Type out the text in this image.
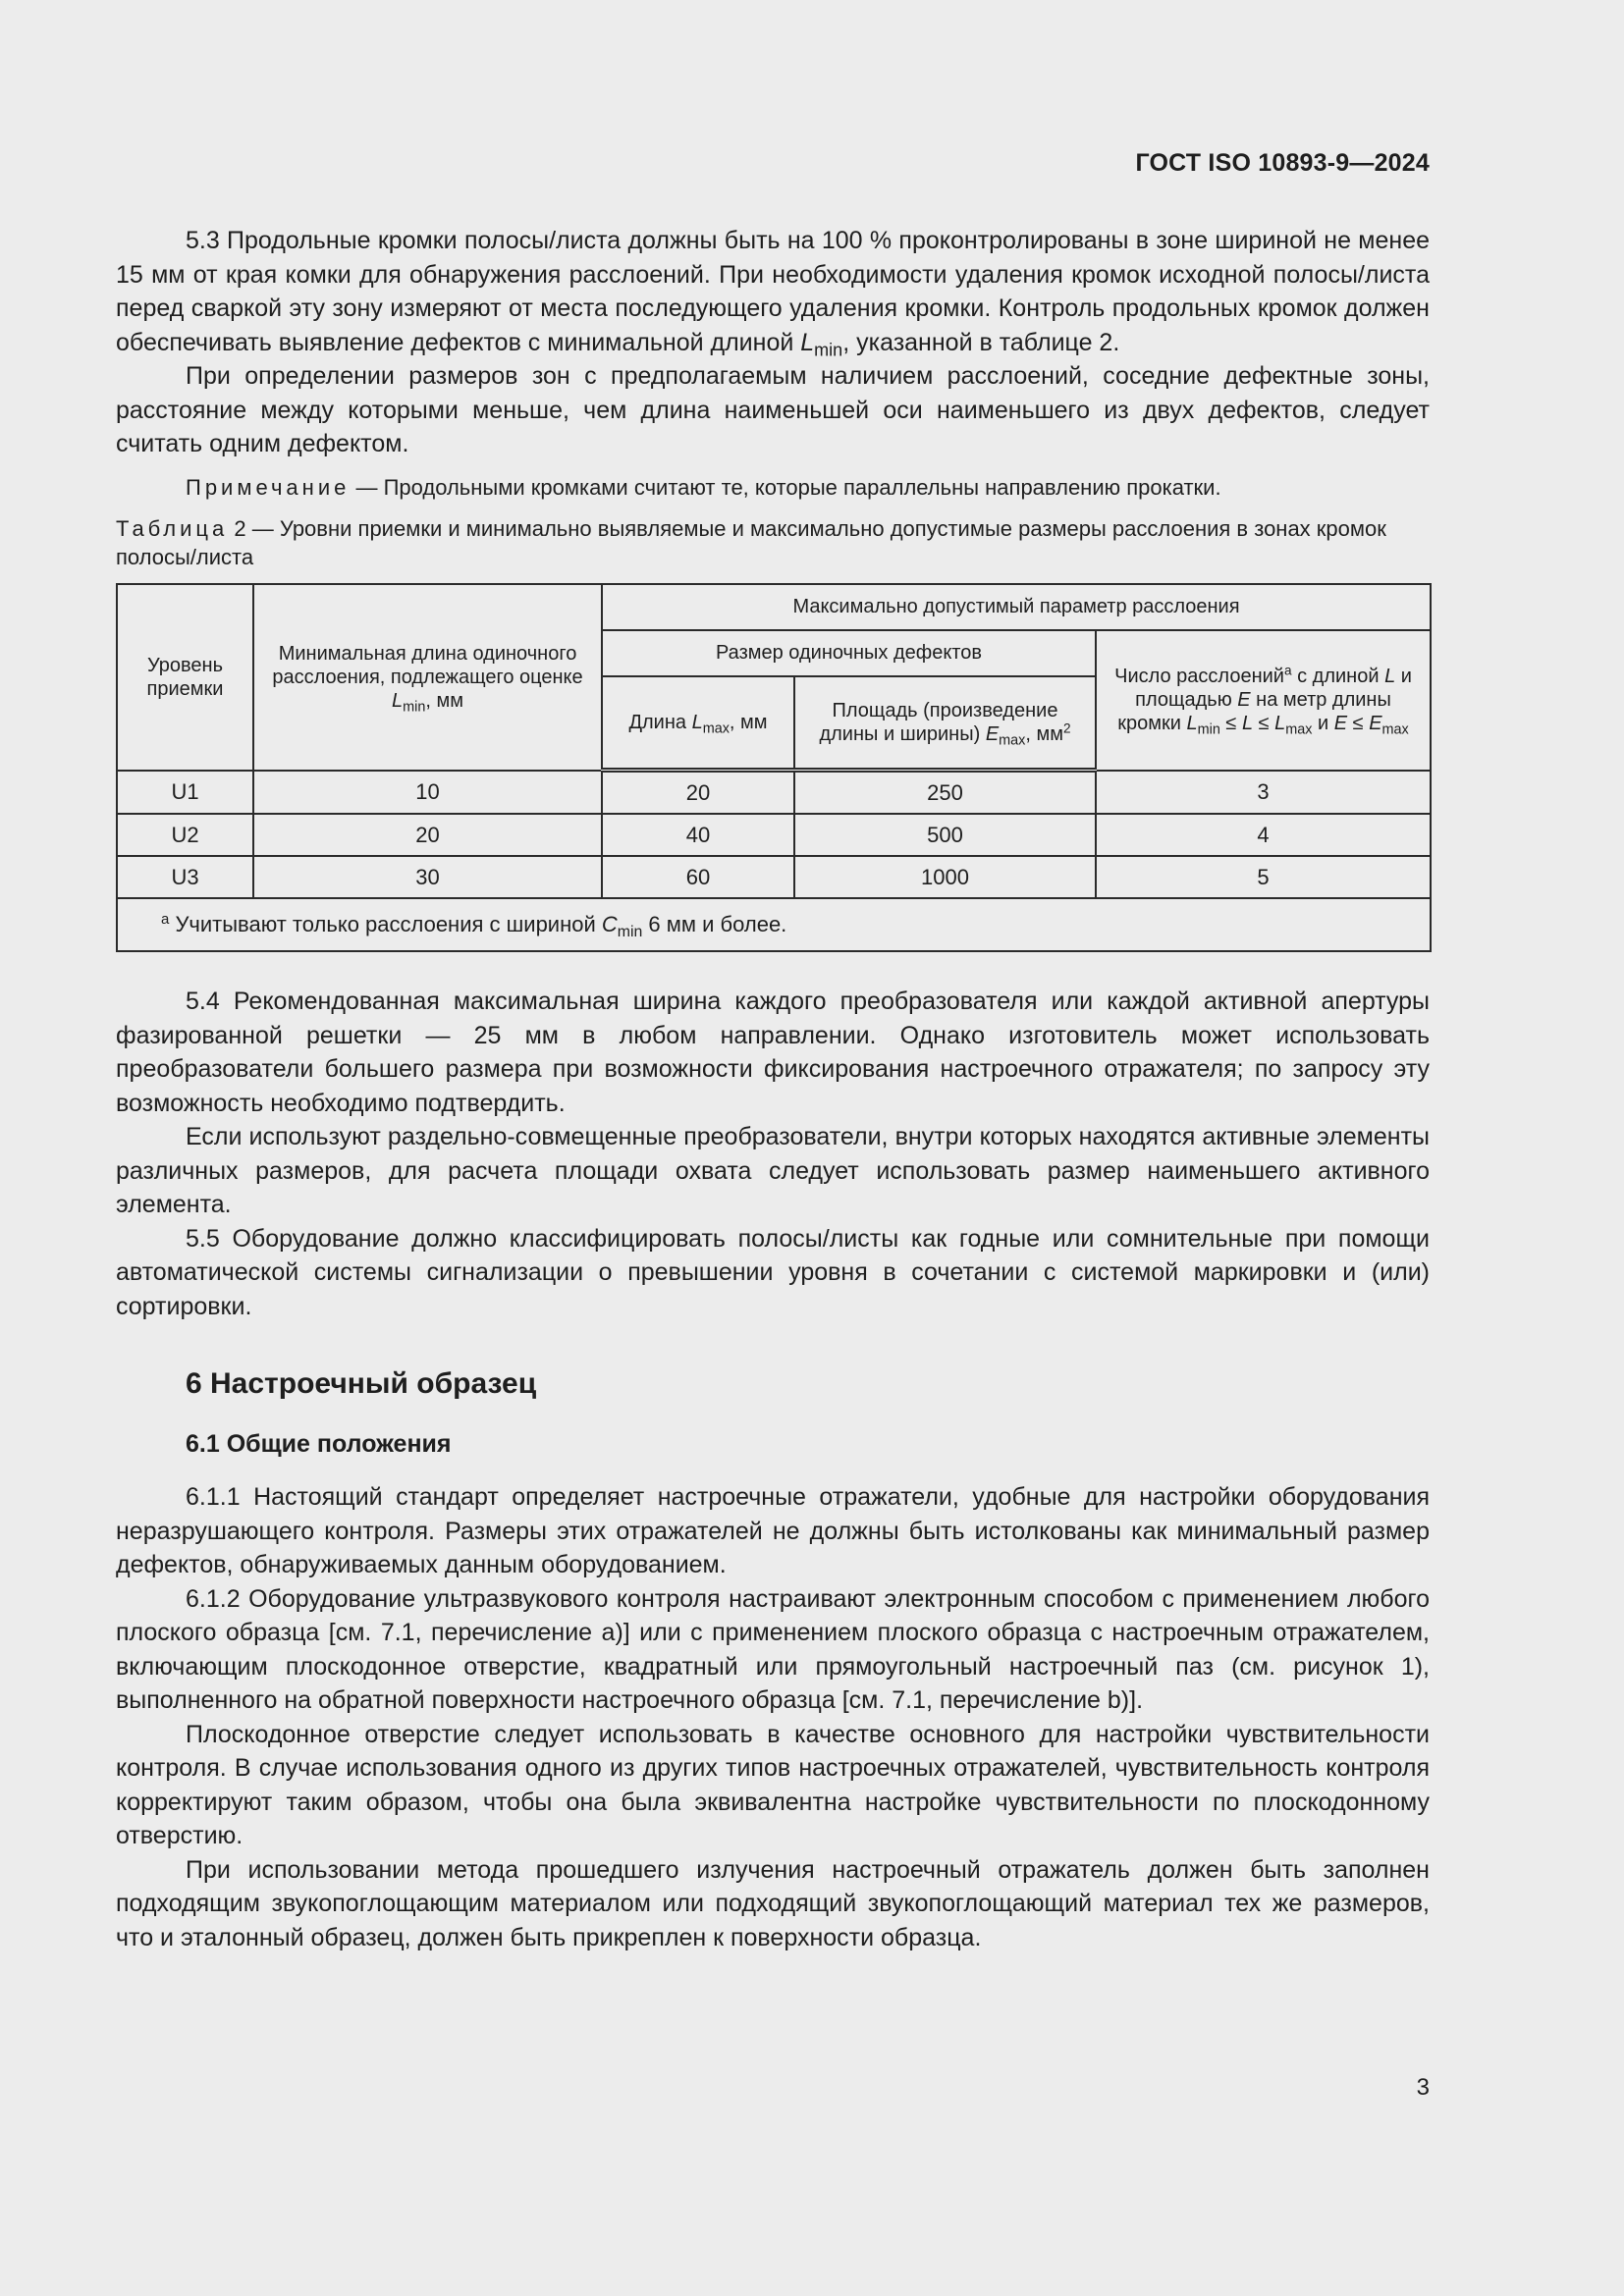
ГОСТ ISO 10893-9—2024

5.3 Продольные кромки полосы/листа должны быть на 100 % проконтролированы в зоне шириной не менее 15 мм от края комки для обнаружения расслоений. При необходимости удаления кромок исходной полосы/листа перед сваркой эту зону измеряют от места последующего удаления кромки. Контроль продольных кромок должен обеспечивать выявление дефектов с минимальной длиной $L_{min}$, указанной в таблице 2.

При определении размеров зон с предполагаемым наличием расслоений, соседние дефектные зоны, расстояние между которыми меньше, чем длина наименьшей оси наименьшего из двух дефектов, следует считать одним дефектом.

Примечание — Продольными кромками считают те, которые параллельны направлению прокатки.

Таблица 2 — Уровни приемки и минимально выявляемые и максимально допустимые размеры расслоения в зонах кромок полосы/листа

Уровень приемки	Минимальная длина одиночного расслоения, подлежащего оценке $L_{min}$, мм	Максимально допустимый параметр расслоения		
		Размер одиночных дефектов		Число расслоений$^a$ с длиной L и площадью E на метр длины кромки $L_{min} \le L \le L_{max}$ и $E \le E_{max}$
		Длина $L_{max}$, мм	Площадь (произведение длины и ширины) $E_{max}$, $мм^2$
U1	10	20	250	3
U2	20	40	500	4
U3	30	60	1000	5
$^a$ Учитывают только расслоения с шириной $C_{min}$ 6 мм и более.				

5.4 Рекомендованная максимальная ширина каждого преобразователя или каждой активной апертуры фазированной решетки — 25 мм в любом направлении. Однако изготовитель может использовать преобразователи большего размера при возможности фиксирования настроечного отражателя; по запросу эту возможность необходимо подтвердить.

Если используют раздельно-совмещенные преобразователи, внутри которых находятся активные элементы различных размеров, для расчета площади охвата следует использовать размер наименьшего активного элемента.

5.5 Оборудование должно классифицировать полосы/листы как годные или сомнительные при помощи автоматической системы сигнализации о превышении уровня в сочетании с системой маркировки и (или) сортировки.

6 Настроечный образец
6.1 Общие положения

6.1.1 Настоящий стандарт определяет настроечные отражатели, удобные для настройки оборудования неразрушающего контроля. Размеры этих отражателей не должны быть истолкованы как минимальный размер дефектов, обнаруживаемых данным оборудованием.

6.1.2 Оборудование ультразвукового контроля настраивают электронным способом с применением любого плоского образца [см. 7.1, перечисление а)] или с применением плоского образца с настроечным отражателем, включающим плоскодонное отверстие, квадратный или прямоугольный настроечный паз (см. рисунок 1), выполненного на обратной поверхности настроечного образца [см. 7.1, перечисление b)].

Плоскодонное отверстие следует использовать в качестве основного для настройки чувствительности контроля. В случае использования одного из других типов настроечных отражателей, чувствительность контроля корректируют таким образом, чтобы она была эквивалентна настройке чувствительности по плоскодонному отверстию.

При использовании метода прошедшего излучения настроечный отражатель должен быть заполнен подходящим звукопоглощающим материалом или подходящий звукопоглощающий материал тех же размеров, что и эталонный образец, должен быть прикреплен к поверхности образца.

3
